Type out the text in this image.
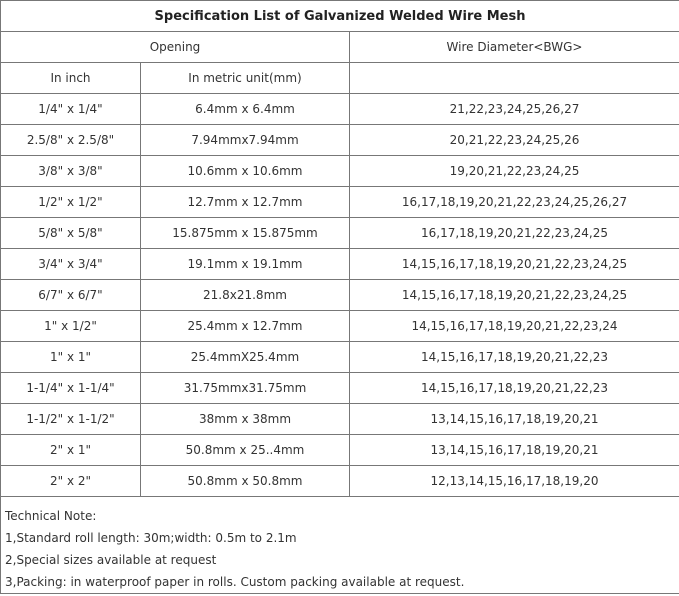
Specification List of Galvanized Welded Wire Mesh		
Opening		Wire Diameter<BWG>
In inch	In metric unit(mm)	
1/4" x 1/4"	6.4mm x 6.4mm	21,22,23,24,25,26,27
2.5/8" x 2.5/8"	7.94mmx7.94mm	20,21,22,23,24,25,26
3/8" x 3/8"	10.6mm x 10.6mm	19,20,21,22,23,24,25
1/2" x 1/2"	12.7mm x 12.7mm	16,17,18,19,20,21,22,23,24,25,26,27
5/8" x 5/8"	15.875mm x 15.875mm	16,17,18,19,20,21,22,23,24,25
3/4" x 3/4"	19.1mm x 19.1mm	14,15,16,17,18,19,20,21,22,23,24,25
6/7" x 6/7"	21.8x21.8mm	14,15,16,17,18,19,20,21,22,23,24,25
1" x 1/2"	25.4mm x 12.7mm	14,15,16,17,18,19,20,21,22,23,24
1" x 1"	25.4mmX25.4mm	14,15,16,17,18,19,20,21,22,23
1-1/4" x 1-1/4"	31.75mmx31.75mm	14,15,16,17,18,19,20,21,22,23
1-1/2" x 1-1/2"	38mm x 38mm	13,14,15,16,17,18,19,20,21
2" x 1"	50.8mm x 25..4mm	13,14,15,16,17,18,19,20,21
2" x 2"	50.8mm x 50.8mm	12,13,14,15,16,17,18,19,20

Technical Note:
1,Standard roll length: 30m;width: 0.5m to 2.1m
2,Special sizes available at request
3,Packing: in waterproof paper in rolls. Custom packing available at request.		
